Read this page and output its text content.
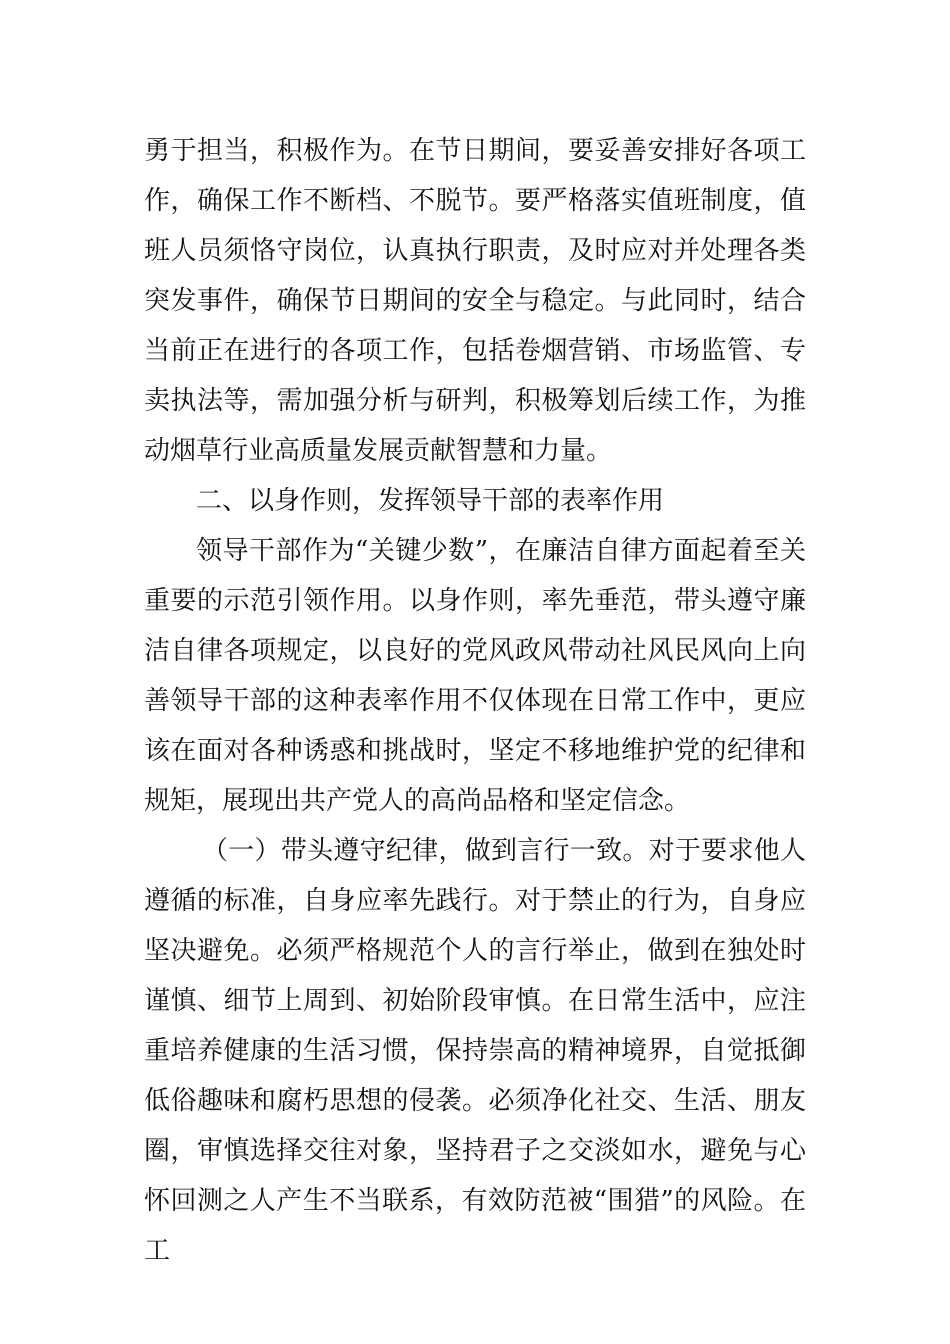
勇于担当，积极作为。在节日期间，要妥善安排好各项工作，确保工作不断档、不脱节。要严格落实值班制度，值班人员须恪守岗位，认真执行职责，及时应对并处理各类突发事件，确保节日期间的安全与稳定。与此同时，结合当前正在进行的各项工作，包括卷烟营销、市场监管、专卖执法等，需加强分析与研判，积极筹划后续工作，为推动烟草行业高质量发展贡献智慧和力量。

二、以身作则，发挥领导干部的表率作用

领导干部作为“关键少数”，在廉洁自律方面起着至关重要的示范引领作用。以身作则，率先垂范，带头遵守廉洁自律各项规定，以良好的党风政风带动社风民风向上向善领导干部的这种表率作用不仅体现在日常工作中，更应该在面对各种诱惑和挑战时，坚定不移地维护党的纪律和规矩，展现出共产党人的高尚品格和坚定信念。

（一）带头遵守纪律，做到言行一致。对于要求他人遵循的标准，自身应率先践行。对于禁止的行为，自身应坚决避免。必须严格规范个人的言行举止，做到在独处时谨慎、细节上周到、初始阶段审慎。在日常生活中，应注重培养健康的生活习惯，保持崇高的精神境界，自觉抵御低俗趣味和腐朽思想的侵袭。必须净化社交、生活、朋友圈，审慎选择交往对象，坚持君子之交淡如水，避免与心怀回测之人产生不当联系，有效防范被“围猎”的风险。在工
